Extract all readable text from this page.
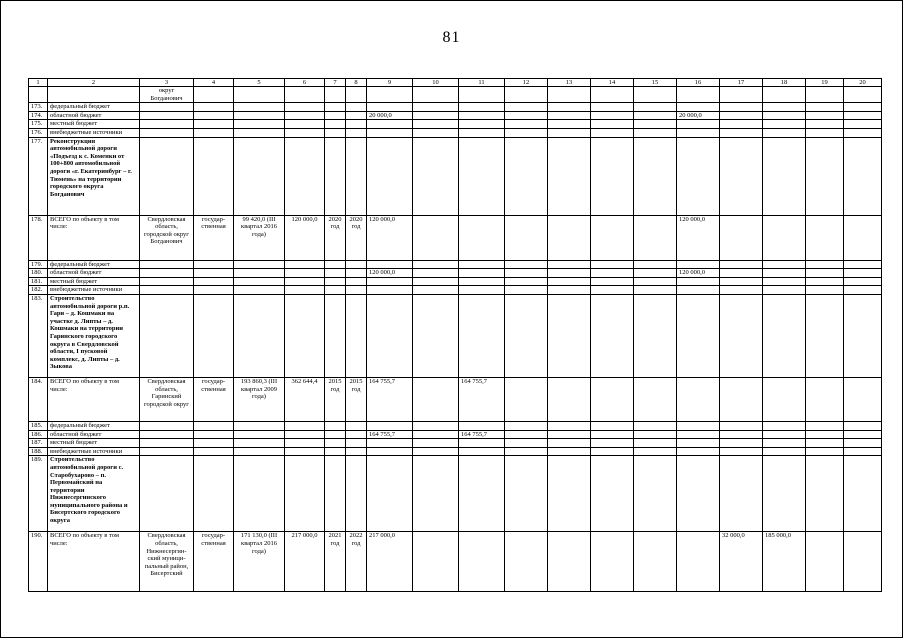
81
1	2	3	4	5	6	7	8	9	10	11	12	13	14	15	16	17	18	19	20
		округ Богданович																	
173.	федеральный бюджет																		
174.	областной бюджет							20 000,0							20 000,0				
175.	местный бюджет																		
176.	внебюджетные источники																		
177.	Реконструкция автомобильной дороги «Подъезд к с. Коменки от 100+800 автомобильной дороги «г. Екатеринбург – г. Тюмень» на территории городского округа Богданович																		
178.	ВСЕГО по объекту в том числе:	Свердловская область, городской округ Богданович	государ-ственная	99 420,0 (III квартал 2016 года)	120 000,0	2020 год	2020 год	120 000,0							120 000,0				
179.	федеральный бюджет																		
180.	областной бюджет							120 000,0							120 000,0				
181.	местный бюджет																		
182.	внебюджетные источники																		
183.	Строительство автомобильной дороги р.п. Гари – д. Кошмаки на участке д. Липты – д. Кошмаки на территории Гаринского городского округа в Свердловской области, I пусковой комплекс, д. Липты – д. Зыкова																		
184.	ВСЕГО по объекту в том числе:	Свердловская область, Гаринский городской округ	государ-ственная	193 860,3 (III квартал 2009 года)	362 644,4	2015 год	2015 год	164 755,7		164 755,7									
185.	федеральный бюджет																		
186.	областной бюджет							164 755,7		164 755,7									
187.	местный бюджет																		
188.	внебюджетные источники																		
189.	Строительство автомобильной дороги с. Старобухарово – п. Первомайский на территории Нижнесергинского муниципального района и Бисертского городского округа																		
190.	ВСЕГО по объекту в том числе:	Свердловская область, Нижнесергин-ский муници-пальный район, Бисертский	государ-ственная	171 130,0 (III квартал 2016 года)	217 000,0	2021 год	2022 год	217 000,0								32 000,0	185 000,0		
